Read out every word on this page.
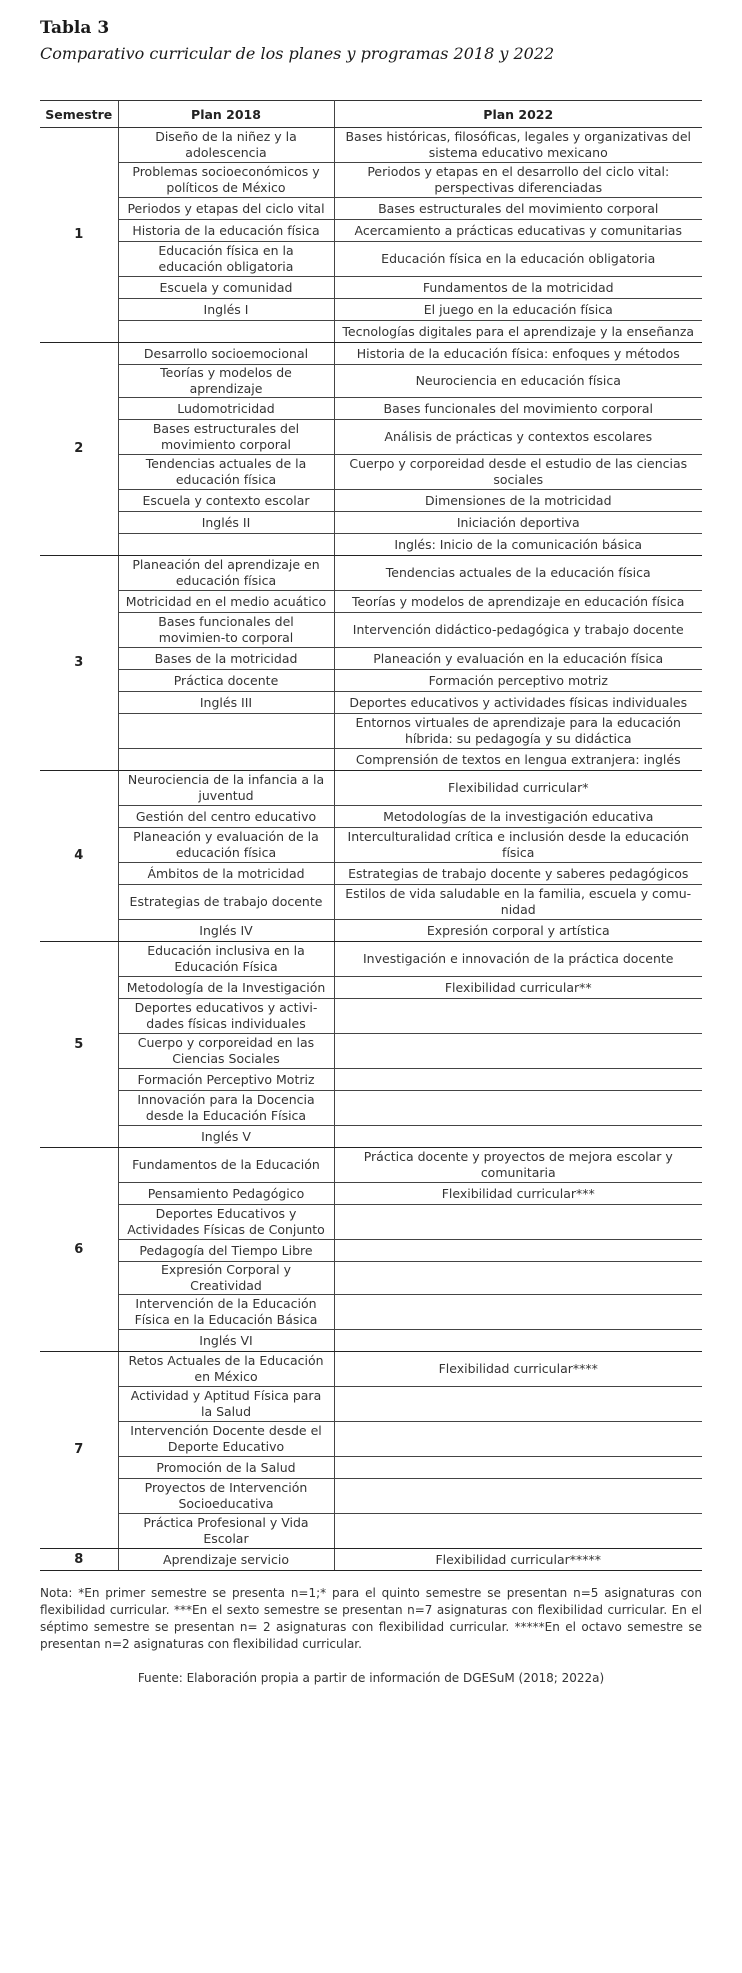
Tabla 3
Comparativo curricular de los planes y programas 2018 y 2022
Semestre	Plan 2018	Plan 2022
1	Diseño de la niñez y la adolescencia	Bases históricas, filosóficas, legales y organizativas del sistema educativo mexicano
	Problemas socioeconómicos y políticos de México	Periodos y etapas en el desarrollo del ciclo vital: perspectivas diferenciadas
	Periodos y etapas del ciclo vital	Bases estructurales del movimiento corporal
	Historia de la educación física	Acercamiento a prácticas educativas y comunitarias
	Educación física en la educación obligatoria	Educación física en la educación obligatoria
	Escuela y comunidad	Fundamentos de la motricidad
	Inglés I	El juego en la educación física
		Tecnologías digitales para el aprendizaje y la enseñanza
2	Desarrollo socioemocional	Historia de la educación física: enfoques y métodos
	Teorías y modelos de aprendizaje	Neurociencia en educación física
	Ludomotricidad	Bases funcionales del movimiento corporal
	Bases estructurales del movimiento corporal	Análisis de prácticas y contextos escolares
	Tendencias actuales de la educación física	Cuerpo y corporeidad desde el estudio de las ciencias sociales
	Escuela y contexto escolar	Dimensiones de la motricidad
	Inglés II	Iniciación deportiva
		Inglés: Inicio de la comunicación básica
3	Planeación del aprendizaje en educación física	Tendencias actuales de la educación física
	Motricidad en el medio acuático	Teorías y modelos de aprendizaje en educación física
	Bases funcionales del movimien-to corporal	Intervención didáctico-pedagógica y trabajo docente
	Bases de la motricidad	Planeación y evaluación en la educación física
	Práctica docente	Formación perceptivo motriz
	Inglés III	Deportes educativos y actividades físicas individuales
		Entornos virtuales de aprendizaje para la educación híbrida: su pedagogía y su didáctica
		Comprensión de textos en lengua extranjera: inglés
4	Neurociencia de la infancia a la juventud	Flexibilidad curricular*
	Gestión del centro educativo	Metodologías de la investigación educativa
	Planeación y evaluación de la educación física	Interculturalidad crítica e inclusión desde la educación física
	Ámbitos de la motricidad	Estrategias de trabajo docente y saberes pedagógicos
	Estrategias de trabajo docente	Estilos de vida saludable en la familia, escuela y comu-nidad
	Inglés IV	Expresión corporal y artística
5	Educación inclusiva en la Educación Física	Investigación e innovación de la práctica docente
	Metodología de la Investigación	Flexibilidad curricular**
	Deportes educativos y activi-dades físicas individuales	
	Cuerpo y corporeidad en las Ciencias Sociales	
	Formación Perceptivo Motriz	
	Innovación para la Docencia desde la Educación Física	
	Inglés V	
6	Fundamentos de la Educación	Práctica docente y proyectos de mejora escolar y comunitaria
	Pensamiento Pedagógico	Flexibilidad curricular***
	Deportes Educativos y Actividades Físicas de Conjunto	
	Pedagogía del Tiempo Libre	
	Expresión Corporal y Creatividad	
	Intervención de la Educación Física en la Educación Básica	
	Inglés VI	
7	Retos Actuales de la Educación en México	Flexibilidad curricular****
	Actividad y Aptitud Física para la Salud	
	Intervención Docente desde el Deporte Educativo	
	Promoción de la Salud	
	Proyectos de Intervención Socioeducativa	
	Práctica Profesional y Vida Escolar	
8	Aprendizaje servicio	Flexibilidad curricular*****
Nota: *En primer semestre se presenta n=1;* para el quinto semestre se presentan n=5 asignaturas con flexibilidad curricular. ***En el sexto semestre se presentan n=7 asignaturas con flexibilidad curricular. En el séptimo semestre se presentan n= 2 asignaturas con flexibilidad curricular. *****En el octavo semestre se presentan n=2 asignaturas con flexibilidad curricular.
Fuente: Elaboración propia a partir de información de DGESuM (2018; 2022a)
